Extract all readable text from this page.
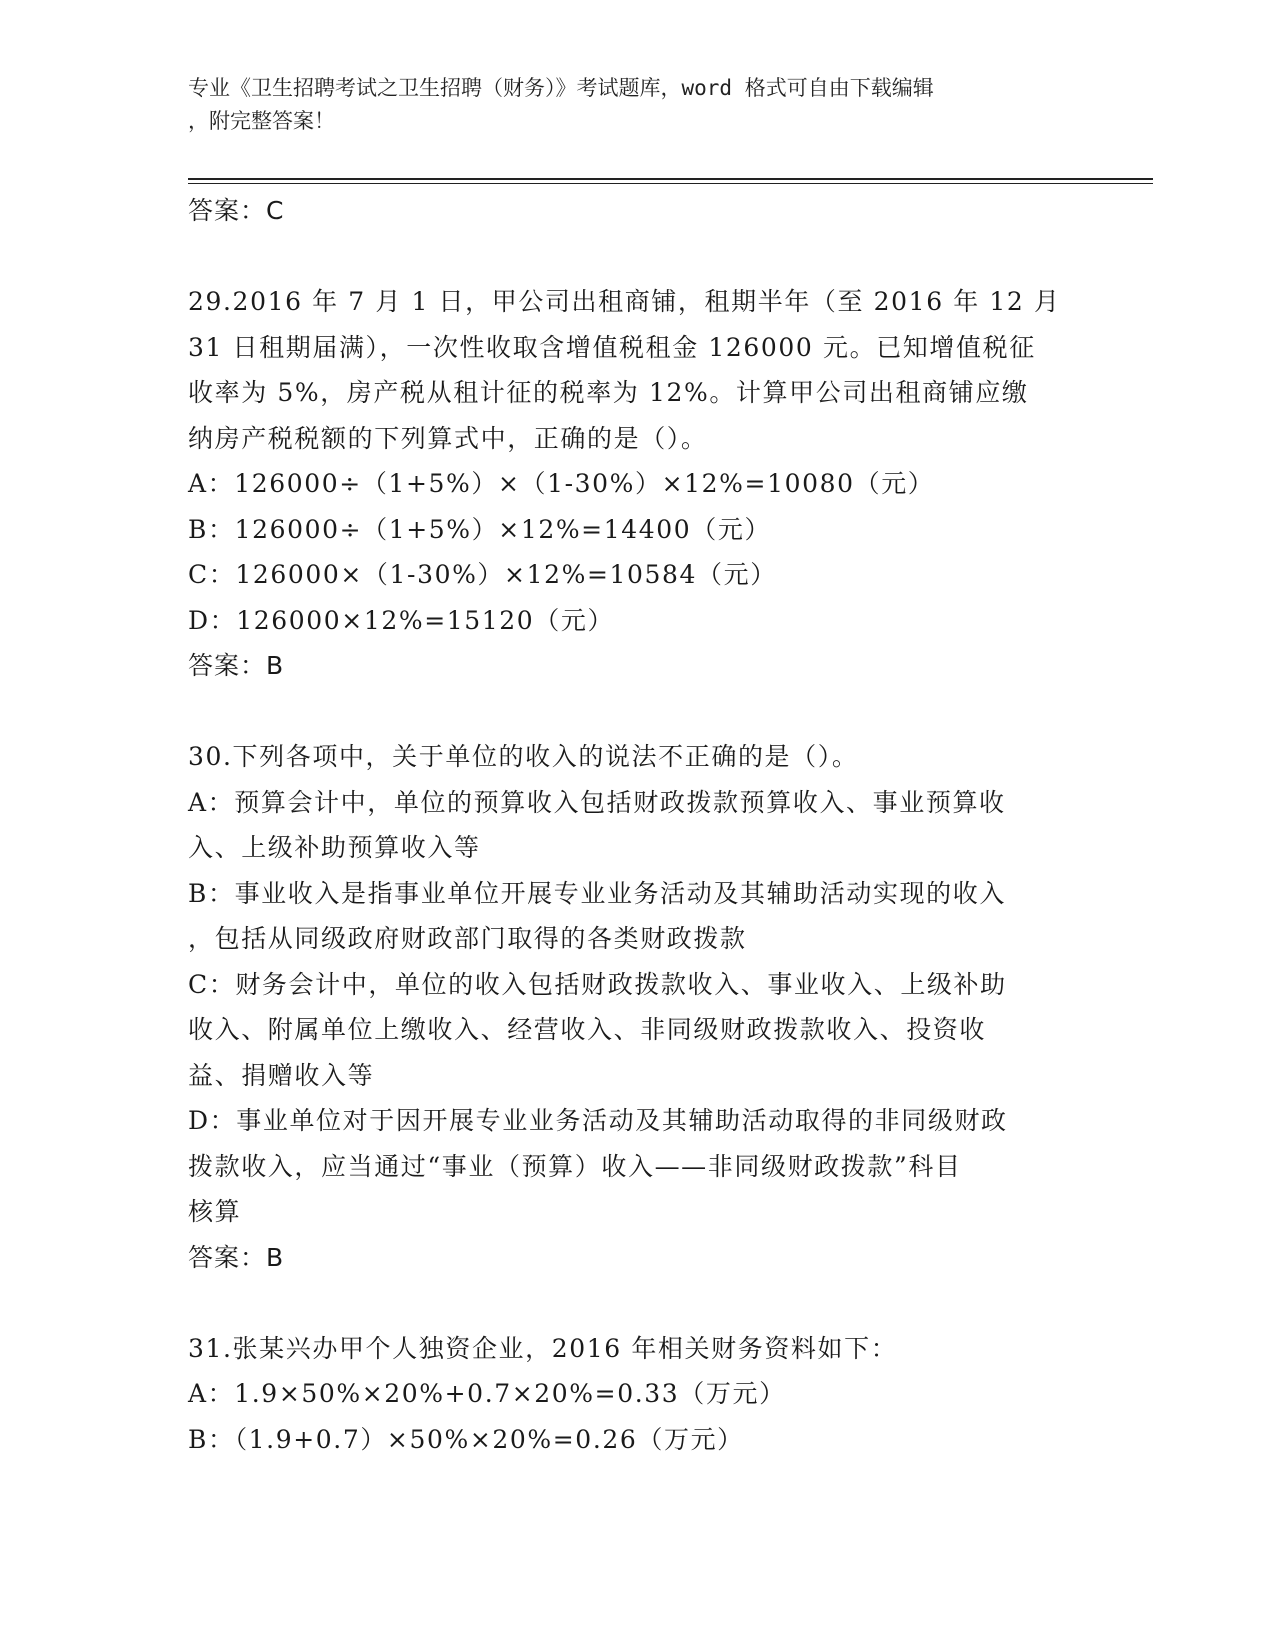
专业《卫生招聘考试之卫生招聘（财务）》考试题库，word 格式可自由下载编辑
，附完整答案！
答案：C
29.2016 年 7 月 1 日，甲公司出租商铺，租期半年（至 2016 年 12 月
31 日租期届满），一次性收取含增值税租金 126000 元。已知增值税征
收率为 5%，房产税从租计征的税率为 12%。计算甲公司出租商铺应缴
纳房产税税额的下列算式中，正确的是（）。
A：126000÷（1+5%）×（1-30%）×12%=10080（元）
B：126000÷（1+5%）×12%=14400（元）
C：126000×（1-30%）×12%=10584（元）
D：126000×12%=15120（元）
答案：B
30.下列各项中，关于单位的收入的说法不正确的是（）。
A：预算会计中，单位的预算收入包括财政拨款预算收入、事业预算收
入、上级补助预算收入等
B：事业收入是指事业单位开展专业业务活动及其辅助活动实现的收入
，包括从同级政府财政部门取得的各类财政拨款
C：财务会计中，单位的收入包括财政拨款收入、事业收入、上级补助
收入、附属单位上缴收入、经营收入、非同级财政拨款收入、投资收
益、捐赠收入等
D：事业单位对于因开展专业业务活动及其辅助活动取得的非同级财政
拨款收入，应当通过“事业（预算）收入——非同级财政拨款”科目
核算
答案：B
31.张某兴办甲个人独资企业，2016 年相关财务资料如下：
A：1.9×50%×20%+0.7×20%=0.33（万元）
B：（1.9+0.7）×50%×20%=0.26（万元）
